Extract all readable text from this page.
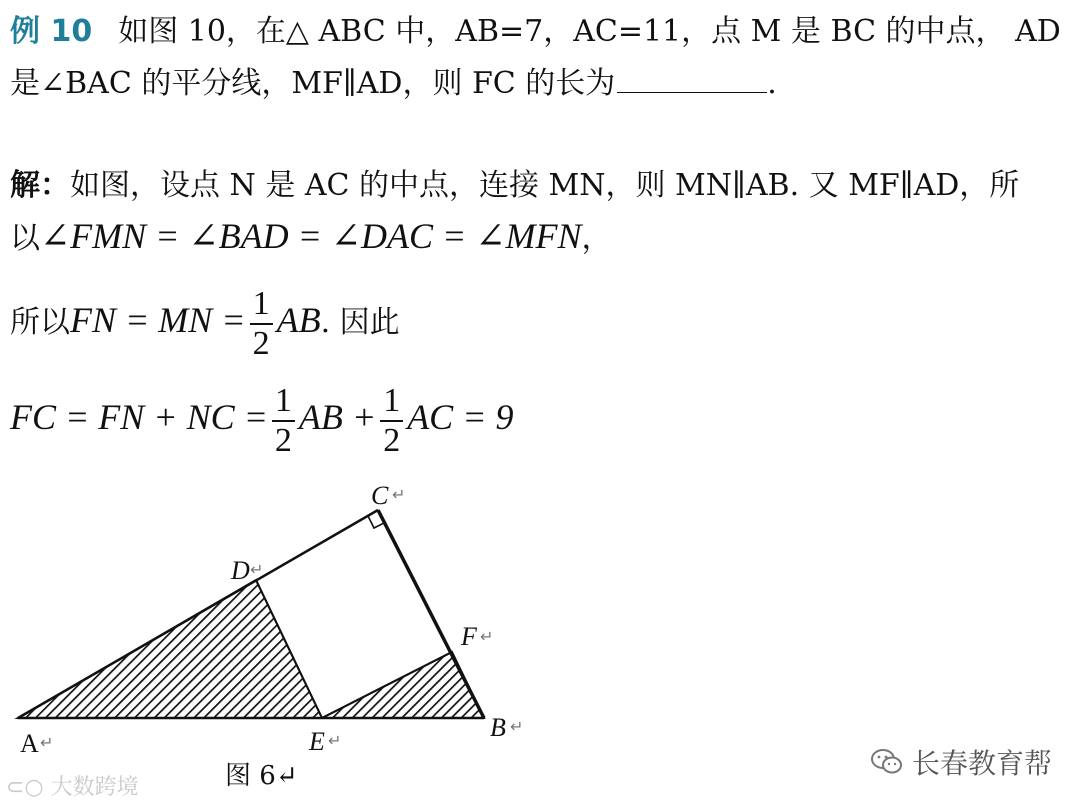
例 10 如图 10，在△ ABC 中，AB=7，AC=11，点 M 是 BC 的中点， AD
是∠BAC 的平分线，MF∥AD，则 FC 的长为	.
解：如图，设点 N 是 AC 的中点，连接 MN，则 MN∥AB. 又 MF∥AD，所
以∠FMN = ∠BAD = ∠DAC = ∠MFN，
所以FN = MN = $\frac{1}{2}$ AB. 因此
FC = FN + NC = $\frac{1}{2}$ AB + $\frac{1}{2}$ AC = 9
C
D
F
B
E
A
↵
↵
↵
↵
↵
↵
图 6↵
⊂○ 大数跨境
长春教育帮
